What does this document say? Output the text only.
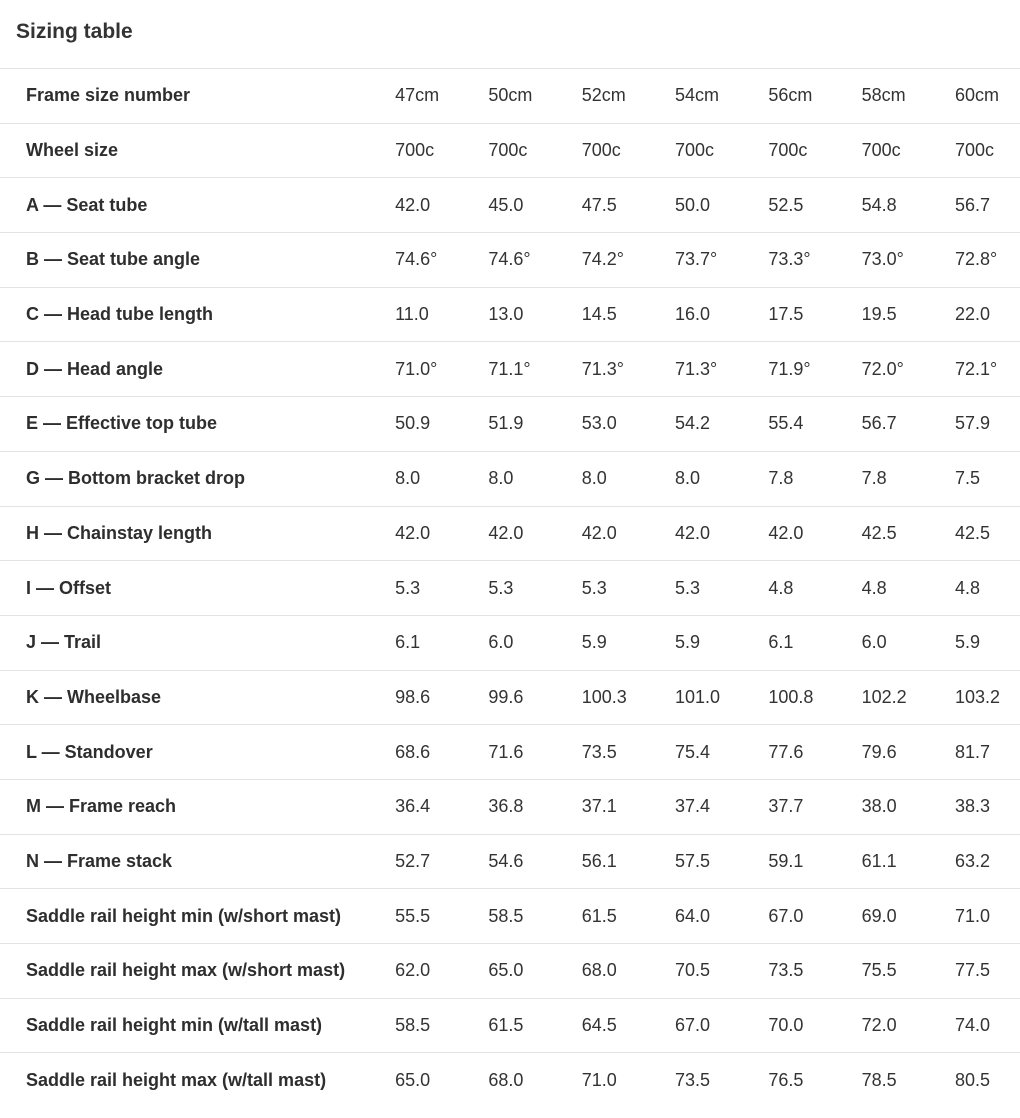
Sizing table
Frame size number	47cm	50cm	52cm	54cm	56cm	58cm	60cm
Wheel size	700c	700c	700c	700c	700c	700c	700c
A — Seat tube	42.0	45.0	47.5	50.0	52.5	54.8	56.7
B — Seat tube angle	74.6°	74.6°	74.2°	73.7°	73.3°	73.0°	72.8°
C — Head tube length	11.0	13.0	14.5	16.0	17.5	19.5	22.0
D — Head angle	71.0°	71.1°	71.3°	71.3°	71.9°	72.0°	72.1°
E — Effective top tube	50.9	51.9	53.0	54.2	55.4	56.7	57.9
G — Bottom bracket drop	8.0	8.0	8.0	8.0	7.8	7.8	7.5
H — Chainstay length	42.0	42.0	42.0	42.0	42.0	42.5	42.5
I — Offset	5.3	5.3	5.3	5.3	4.8	4.8	4.8
J — Trail	6.1	6.0	5.9	5.9	6.1	6.0	5.9
K — Wheelbase	98.6	99.6	100.3	101.0	100.8	102.2	103.2
L — Standover	68.6	71.6	73.5	75.4	77.6	79.6	81.7
M — Frame reach	36.4	36.8	37.1	37.4	37.7	38.0	38.3
N — Frame stack	52.7	54.6	56.1	57.5	59.1	61.1	63.2
Saddle rail height min (w/short mast)	55.5	58.5	61.5	64.0	67.0	69.0	71.0
Saddle rail height max (w/short mast)	62.0	65.0	68.0	70.5	73.5	75.5	77.5
Saddle rail height min (w/tall mast)	58.5	61.5	64.5	67.0	70.0	72.0	74.0
Saddle rail height max (w/tall mast)	65.0	68.0	71.0	73.5	76.5	78.5	80.5
